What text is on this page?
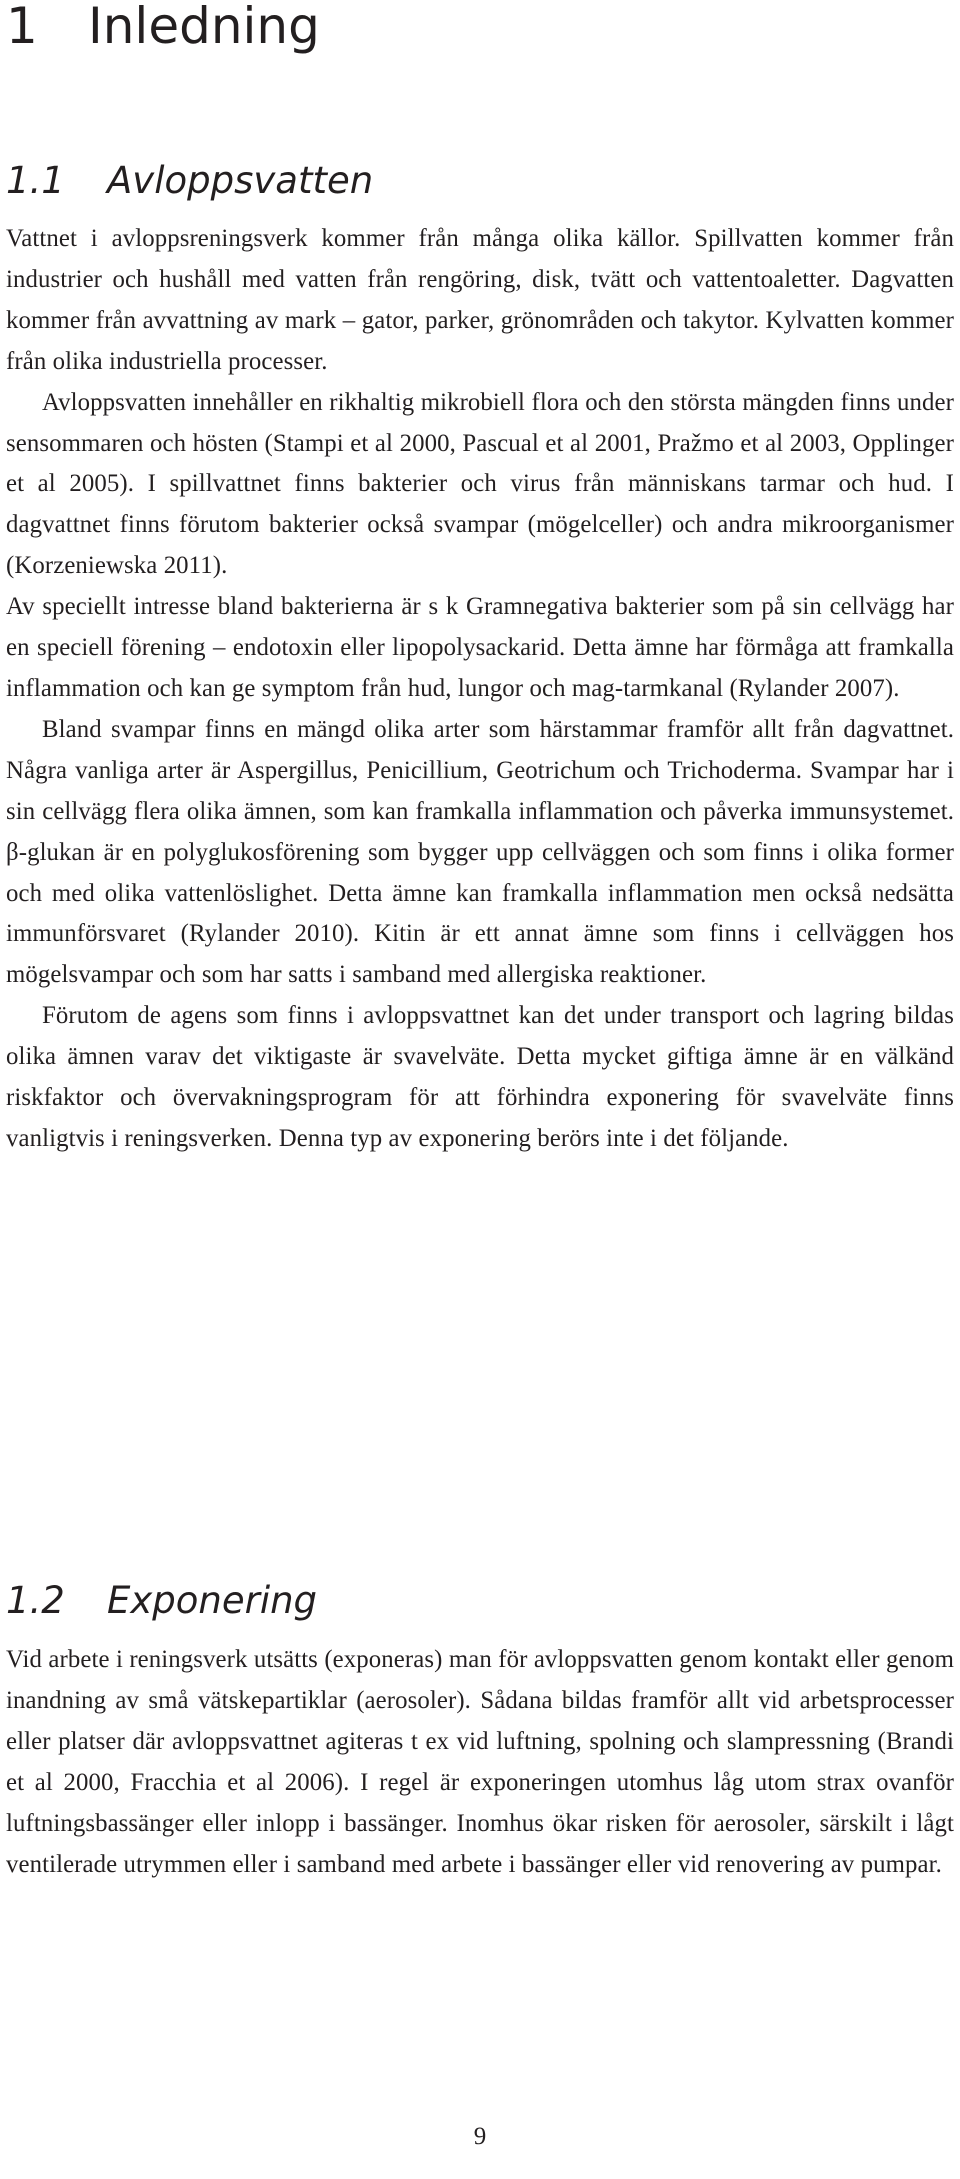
1 Inledning
1.1 Avloppsvatten

Vattnet i avloppsreningsverk kommer från många olika källor. Spillvatten kommer från industrier och hushåll med vatten från rengöring, disk, tvätt och vattentoaletter. Dagvatten kommer från avvattning av mark – gator, parker, grönområden och takytor. Kylvatten kommer från olika industriella processer.

Avloppsvatten innehåller en rikhaltig mikrobiell flora och den största mängden finns under sensommaren och hösten (Stampi et al 2000, Pascual et al 2001, Pražmo et al 2003, Opplinger et al 2005). I spillvattnet finns bakterier och virus från människans tarmar och hud. I dagvattnet finns förutom bakterier också svampar (mögelceller) och andra mikroorganismer (Korzeniewska 2011).

Av speciellt intresse bland bakterierna är s k Gramnegativa bakterier som på sin cellvägg har en speciell förening – endotoxin eller lipopolysackarid. Detta ämne har förmåga att framkalla inflammation och kan ge symptom från hud, lungor och mag-tarmkanal (Rylander 2007).

Bland svampar finns en mängd olika arter som härstammar framför allt från dagvattnet. Några vanliga arter är Aspergillus, Penicillium, Geotrichum och Trichoderma. Svampar har i sin cellvägg flera olika ämnen, som kan framkalla inflammation och påverka immunsystemet. β-glukan är en polyglukosförening som bygger upp cellväggen och som finns i olika former och med olika vattenlöslighet. Detta ämne kan framkalla inflammation men också nedsätta immunförsvaret (Rylander 2010). Kitin är ett annat ämne som finns i cellväggen hos mögelsvampar och som har satts i samband med allergiska reaktioner.

Förutom de agens som finns i avloppsvattnet kan det under transport och lagring bildas olika ämnen varav det viktigaste är svavelväte. Detta mycket giftiga ämne är en välkänd riskfaktor och övervakningsprogram för att förhindra exponering för svavelväte finns vanligtvis i reningsverken. Denna typ av exponering berörs inte i det följande.

1.2 Exponering

Vid arbete i reningsverk utsätts (exponeras) man för avloppsvatten genom kontakt eller genom inandning av små vätskepartiklar (aerosoler). Sådana bildas framför allt vid arbetsprocesser eller platser där avloppsvattnet agiteras t ex vid luftning, spolning och slampressning (Brandi et al 2000, Fracchia et al 2006). I regel är exponeringen utomhus låg utom strax ovanför luftningsbassänger eller inlopp i bassänger. Inomhus ökar risken för aerosoler, särskilt i lågt ventilerade utrymmen eller i samband med arbete i bassänger eller vid renovering av pumpar.

9
